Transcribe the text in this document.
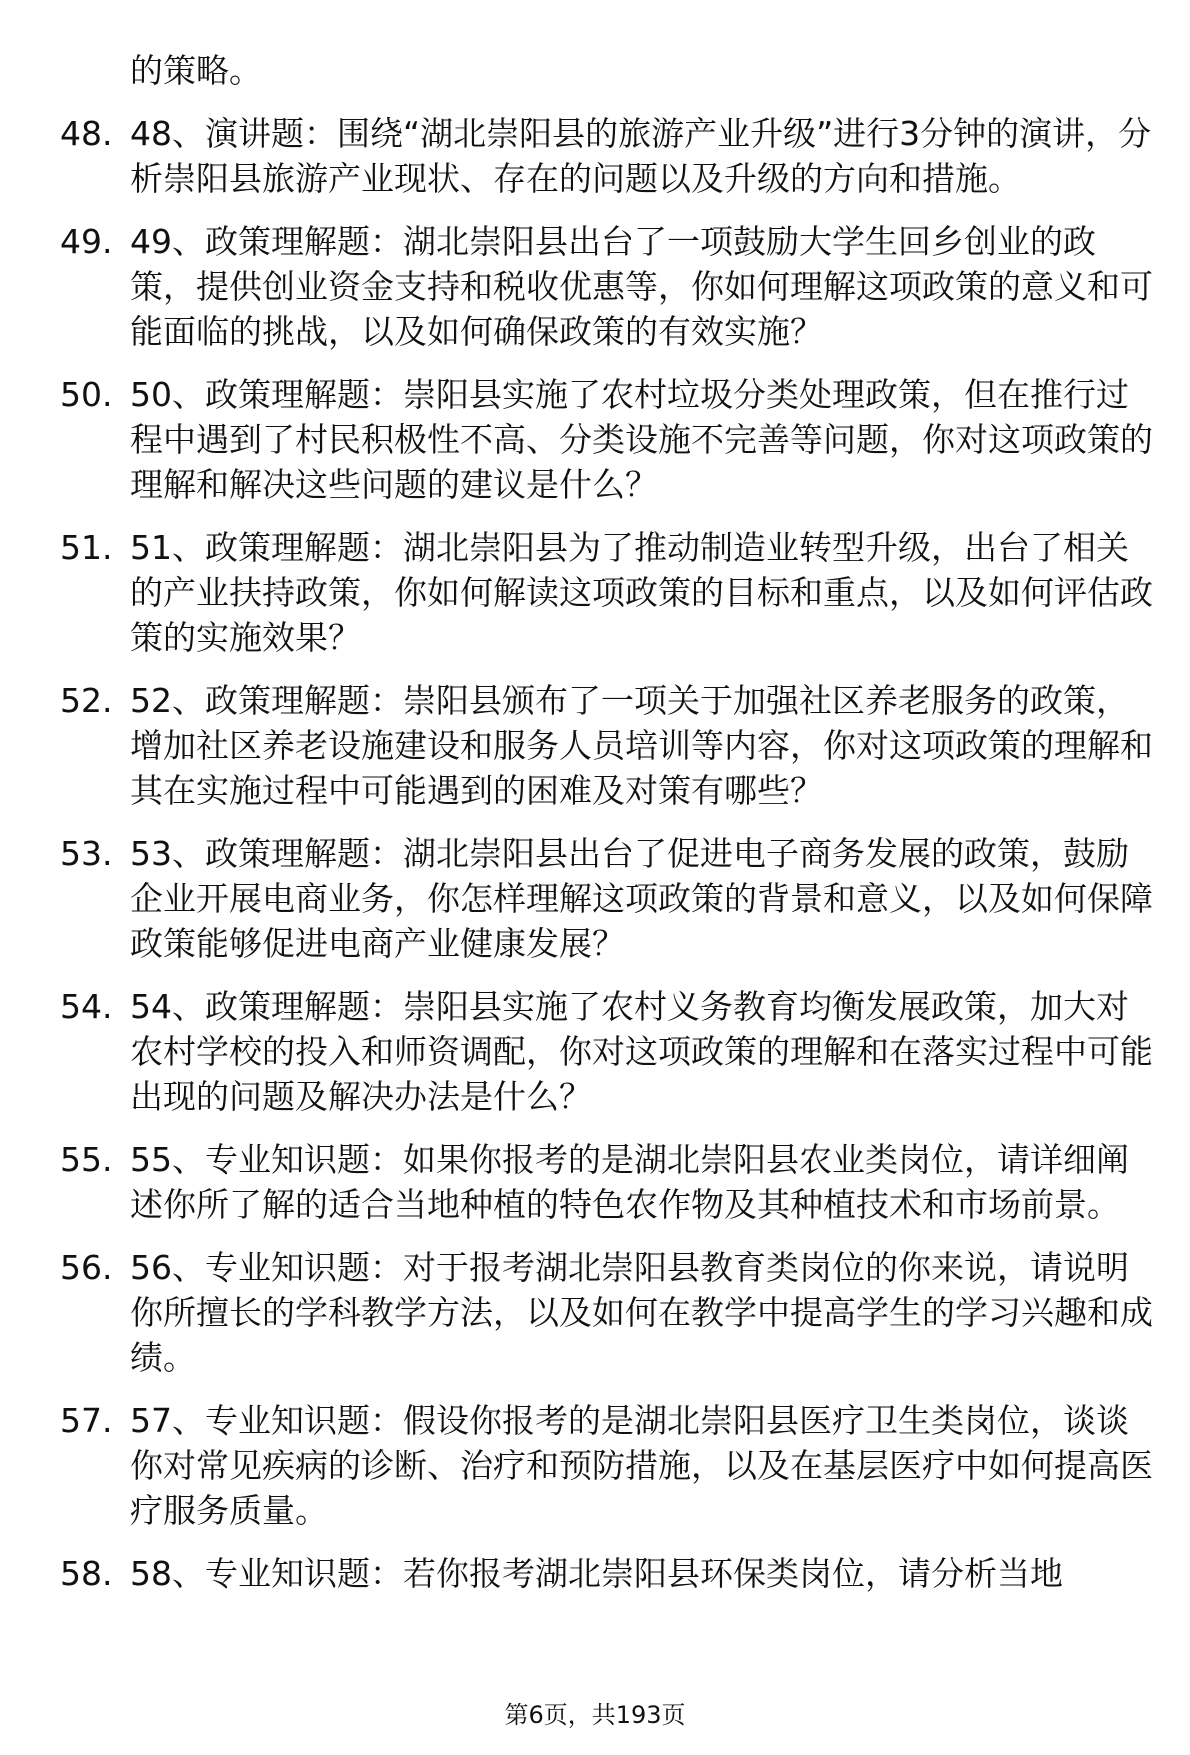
的策略。
48. 48、演讲题：围绕“湖北崇阳县的旅游产业升级”进行3分钟的演讲，分析崇阳县旅游产业现状、存在的问题以及升级的方向和措施。
49. 49、政策理解题：湖北崇阳县出台了一项鼓励大学生回乡创业的政策，提供创业资金支持和税收优惠等，你如何理解这项政策的意义和可能面临的挑战，以及如何确保政策的有效实施？
50. 50、政策理解题：崇阳县实施了农村垃圾分类处理政策，但在推行过程中遇到了村民积极性不高、分类设施不完善等问题，你对这项政策的理解和解决这些问题的建议是什么？
51. 51、政策理解题：湖北崇阳县为了推动制造业转型升级，出台了相关的产业扶持政策，你如何解读这项政策的目标和重点，以及如何评估政策的实施效果？
52. 52、政策理解题：崇阳县颁布了一项关于加强社区养老服务的政策，增加社区养老设施建设和服务人员培训等内容，你对这项政策的理解和其在实施过程中可能遇到的困难及对策有哪些？
53. 53、政策理解题：湖北崇阳县出台了促进电子商务发展的政策，鼓励企业开展电商业务，你怎样理解这项政策的背景和意义，以及如何保障政策能够促进电商产业健康发展？
54. 54、政策理解题：崇阳县实施了农村义务教育均衡发展政策，加大对农村学校的投入和师资调配，你对这项政策的理解和在落实过程中可能出现的问题及解决办法是什么？
55. 55、专业知识题：如果你报考的是湖北崇阳县农业类岗位，请详细阐述你所了解的适合当地种植的特色农作物及其种植技术和市场前景。
56. 56、专业知识题：对于报考湖北崇阳县教育类岗位的你来说，请说明你所擅长的学科教学方法，以及如何在教学中提高学生的学习兴趣和成绩。
57. 57、专业知识题：假设你报考的是湖北崇阳县医疗卫生类岗位，谈谈你对常见疾病的诊断、治疗和预防措施，以及在基层医疗中如何提高医疗服务质量。
58. 58、专业知识题：若你报考湖北崇阳县环保类岗位，请分析当地
第6页，共193页
